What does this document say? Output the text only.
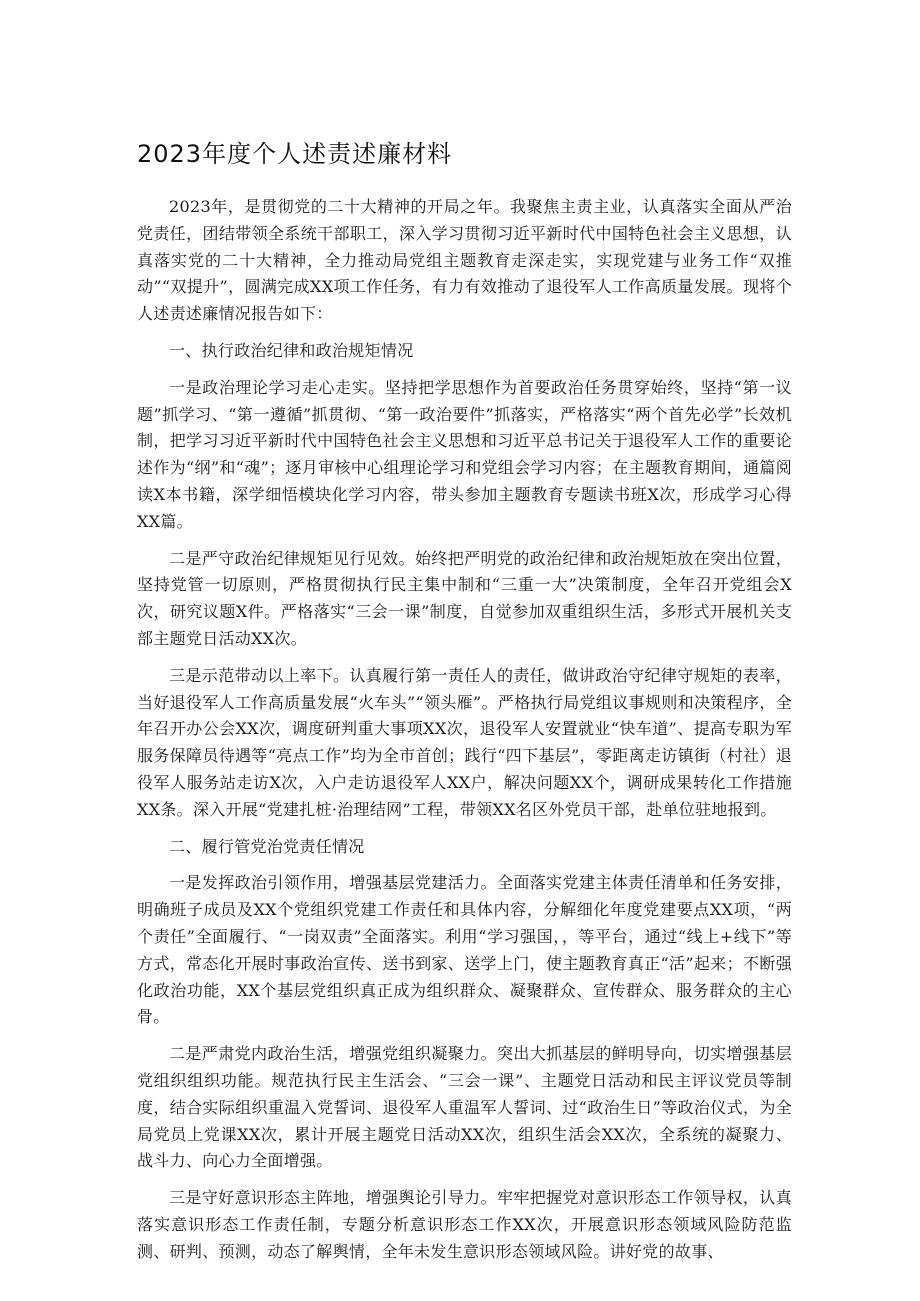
2023年度个人述责述廉材料

2023年，是贯彻党的二十大精神的开局之年。我聚焦主责主业，认真落实全面从严治党责任，团结带领全系统干部职工，深入学习贯彻习近平新时代中国特色社会主义思想，认真落实党的二十大精神，全力推动局党组主题教育走深走实，实现党建与业务工作“双推动”“双提升”，圆满完成XX项工作任务，有力有效推动了退役军人工作高质量发展。现将个人述责述廉情况报告如下：

一、执行政治纪律和政治规矩情况

一是政治理论学习走心走实。坚持把学思想作为首要政治任务贯穿始终，坚持“第一议题”抓学习、“第一遵循”抓贯彻、“第一政治要件”抓落实，严格落实“两个首先必学”长效机制，把学习习近平新时代中国特色社会主义思想和习近平总书记关于退役军人工作的重要论述作为“纲”和“魂”；逐月审核中心组理论学习和党组会学习内容；在主题教育期间，通篇阅读X本书籍，深学细悟模块化学习内容，带头参加主题教育专题读书班X次，形成学习心得XX篇。

二是严守政治纪律规矩见行见效。始终把严明党的政治纪律和政治规矩放在突出位置，坚持党管一切原则，严格贯彻执行民主集中制和“三重一大”决策制度，全年召开党组会X次，研究议题X件。严格落实“三会一课”制度，自觉参加双重组织生活，多形式开展机关支部主题党日活动XX次。

三是示范带动以上率下。认真履行第一责任人的责任，做讲政治守纪律守规矩的表率，当好退役军人工作高质量发展“火车头”“领头雁”。严格执行局党组议事规则和决策程序，全年召开办公会XX次，调度研判重大事项XX次，退役军人安置就业“快车道”、提高专职为军服务保障员待遇等“亮点工作”均为全市首创；践行“四下基层”，零距离走访镇街（村社）退役军人服务站走访X次，入户走访退役军人XX户，解决问题XX个，调研成果转化工作措施XX条。深入开展“党建扎桩·治理结网”工程，带领XX名区外党员干部，赴单位驻地报到。

二、履行管党治党责任情况

一是发挥政治引领作用，增强基层党建活力。全面落实党建主体责任清单和任务安排，明确班子成员及XX个党组织党建工作责任和具体内容，分解细化年度党建要点XX项，“两个责任”全面履行、“一岗双责”全面落实。利用“学习强国，，等平台，通过“线上+线下”等方式，常态化开展时事政治宣传、送书到家、送学上门，使主题教育真正“活”起来；不断强化政治功能，XX个基层党组织真正成为组织群众、凝聚群众、宣传群众、服务群众的主心骨。

二是严肃党内政治生活，增强党组织凝聚力。突出大抓基层的鲜明导向，切实增强基层党组织组织功能。规范执行民主生活会、“三会一课”、主题党日活动和民主评议党员等制度，结合实际组织重温入党誓词、退役军人重温军人誓词、过“政治生日”等政治仪式，为全局党员上党课XX次，累计开展主题党日活动XX次，组织生活会XX次，全系统的凝聚力、战斗力、向心力全面增强。

三是守好意识形态主阵地，增强舆论引导力。牢牢把握党对意识形态工作领导权，认真落实意识形态工作责任制，专题分析意识形态工作XX次，开展意识形态领域风险防范监测、研判、预测，动态了解舆情，全年未发生意识形态领域风险。讲好党的故事、
